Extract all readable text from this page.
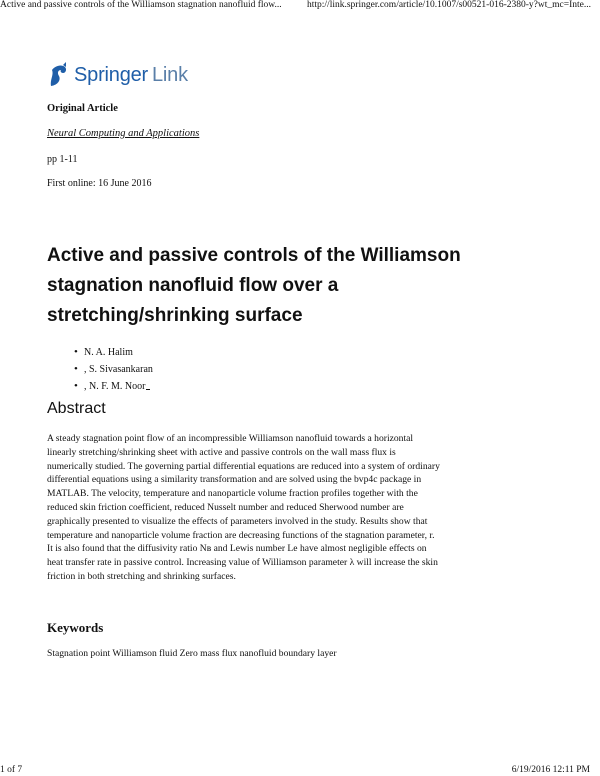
Active and passive controls of the Williamson stagnation nanofluid flow...	http://link.springer.com/article/10.1007/s00521-016-2380-y?wt_mc=Inte...
Springer Link
Original Article
Neural Computing and Applications
pp 1-11
First online: 16 June 2016
Active and passive controls of the Williamson stagnation nanofluid flow over a stretching/shrinking surface
• N. A. Halim
• , S. Sivasankaran
• , N. F. M. Noor
Abstract

A steady stagnation point flow of an incompressible Williamson nanofluid towards a horizontal linearly stretching/shrinking sheet with active and passive controls on the wall mass flux is numerically studied. The governing partial differential equations are reduced into a system of ordinary differential equations using a similarity transformation and are solved using the bvp4c package in MATLAB. The velocity, temperature and nanoparticle volume fraction profiles together with the reduced skin friction coefficient, reduced Nusselt number and reduced Sherwood number are graphically presented to visualize the effects of parameters involved in the study. Results show that temperature and nanoparticle volume fraction are decreasing functions of the stagnation parameter, r. It is also found that the diffusivity ratio Nʙ and Lewis number Le have almost negligible effects on heat transfer rate in passive control. Increasing value of Williamson parameter λ will increase the skin friction in both stretching and shrinking surfaces.

Keywords

Stagnation point Williamson fluid Zero mass flux nanofluid boundary layer

1 of 7	6/19/2016 12:11 PM
